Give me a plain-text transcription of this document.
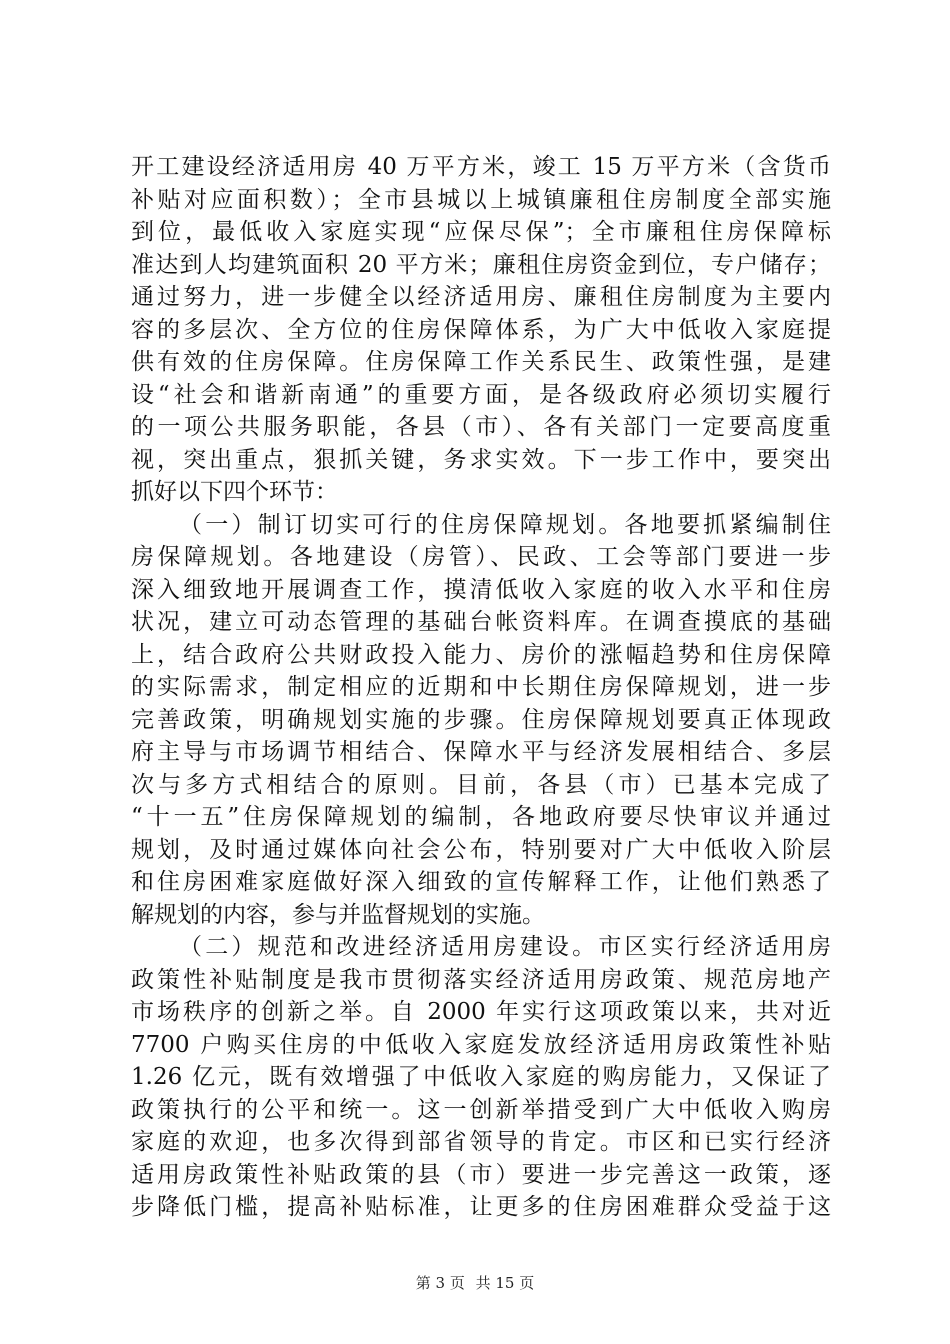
开工建设经济适用房 40 万平方米，竣工 15 万平方米（含货币
补贴对应面积数）；全市县城以上城镇廉租住房制度全部实施
到位，最低收入家庭实现“应保尽保”；全市廉租住房保障标
准达到人均建筑面积 20 平方米；廉租住房资金到位，专户储存；
通过努力，进一步健全以经济适用房、廉租住房制度为主要内
容的多层次、全方位的住房保障体系，为广大中低收入家庭提
供有效的住房保障。住房保障工作关系民生、政策性强，是建
设“社会和谐新南通”的重要方面，是各级政府必须切实履行
的一项公共服务职能，各县（市）、各有关部门一定要高度重
视，突出重点，狠抓关键，务求实效。下一步工作中，要突出
抓好以下四个环节：
（一）制订切实可行的住房保障规划。各地要抓紧编制住
房保障规划。各地建设（房管）、民政、工会等部门要进一步
深入细致地开展调查工作，摸清低收入家庭的收入水平和住房
状况，建立可动态管理的基础台帐资料库。在调查摸底的基础
上，结合政府公共财政投入能力、房价的涨幅趋势和住房保障
的实际需求，制定相应的近期和中长期住房保障规划，进一步
完善政策，明确规划实施的步骤。住房保障规划要真正体现政
府主导与市场调节相结合、保障水平与经济发展相结合、多层
次与多方式相结合的原则。目前，各县（市）已基本完成了
“十一五”住房保障规划的编制，各地政府要尽快审议并通过
规划，及时通过媒体向社会公布，特别要对广大中低收入阶层
和住房困难家庭做好深入细致的宣传解释工作，让他们熟悉了
解规划的内容，参与并监督规划的实施。
（二）规范和改进经济适用房建设。市区实行经济适用房
政策性补贴制度是我市贯彻落实经济适用房政策、规范房地产
市场秩序的创新之举。自 2000 年实行这项政策以来，共对近
7700 户购买住房的中低收入家庭发放经济适用房政策性补贴
1.26 亿元，既有效增强了中低收入家庭的购房能力，又保证了
政策执行的公平和统一。这一创新举措受到广大中低收入购房
家庭的欢迎，也多次得到部省领导的肯定。市区和已实行经济
适用房政策性补贴政策的县（市）要进一步完善这一政策，逐
步降低门槛，提高补贴标准，让更多的住房困难群众受益于这
第 3 页 共 15 页
